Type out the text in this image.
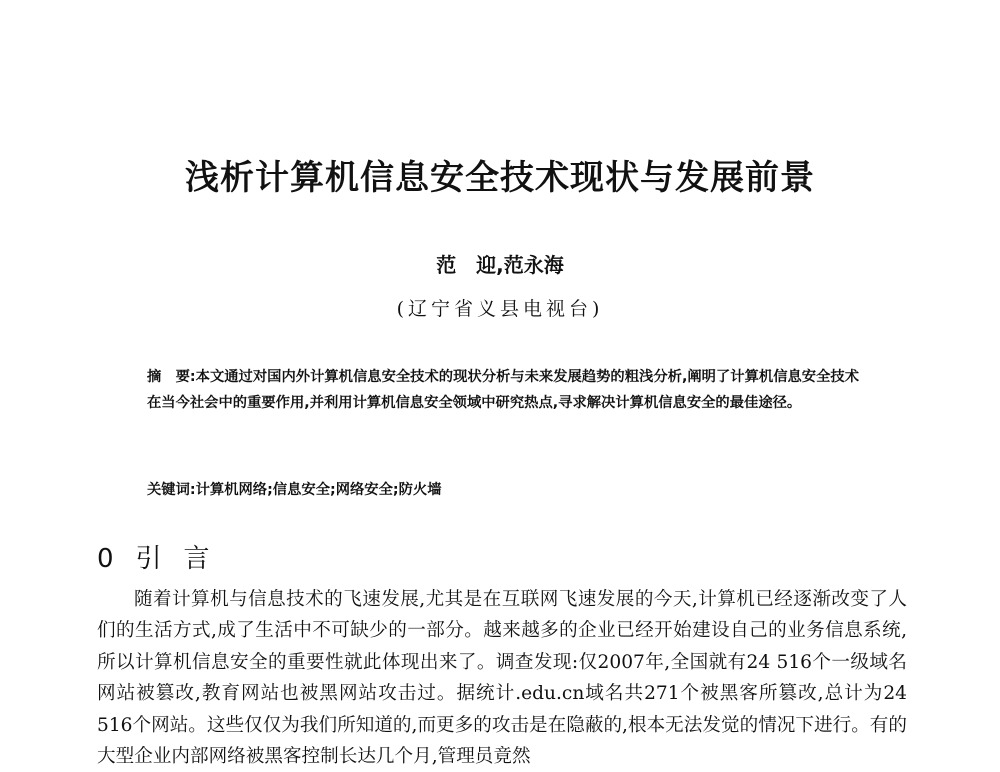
浅析计算机信息安全技术现状与发展前景
范　迎,范永海
(辽宁省义县电视台)
摘　要:本文通过对国内外计算机信息安全技术的现状分析与未来发展趋势的粗浅分析,阐明了计算机信息安全技术在当今社会中的重要作用,并利用计算机信息安全领域中研究热点,寻求解决计算机信息安全的最佳途径。
关键词:计算机网络;信息安全;网络安全;防火墙
0 引言
随着计算机与信息技术的飞速发展,尤其是在互联网飞速发展的今天,计算机已经逐渐改变了人们的生活方式,成了生活中不可缺少的一部分。越来越多的企业已经开始建设自己的业务信息系统,所以计算机信息安全的重要性就此体现出来了。调查发现:仅2007年,全国就有24 516个一级域名网站被篡改,教育网站也被黑网站攻击过。据统计.edu.cn域名共271个被黑客所篡改,总计为24 516个网站。这些仅仅为我们所知道的,而更多的攻击是在隐蔽的,根本无法发觉的情况下进行。有的大型企业内部网络被黑客控制长达几个月,管理员竟然
